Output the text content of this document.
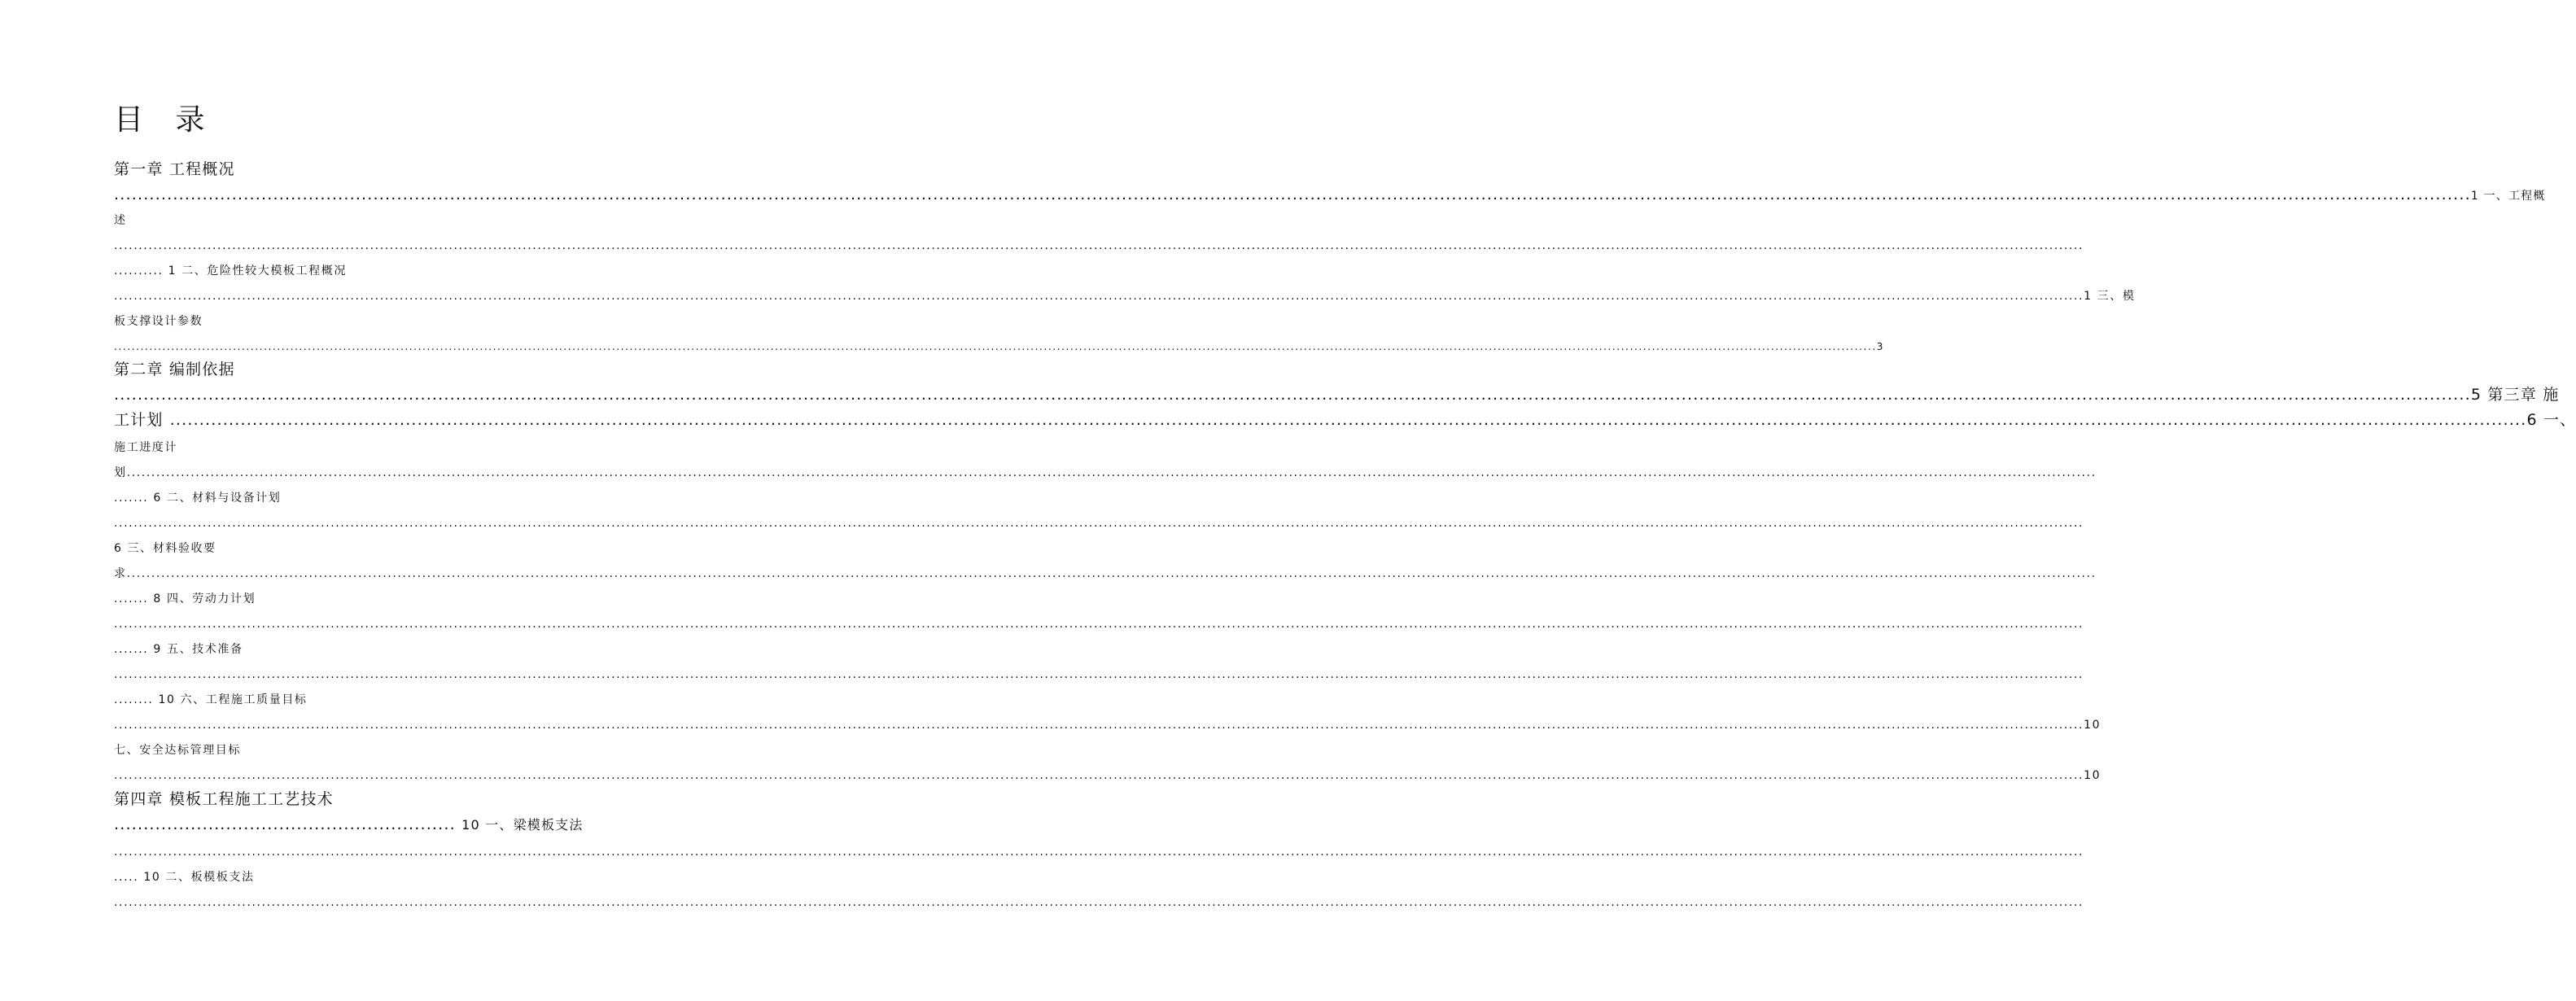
目 录
第一章 工程概况
................................................................................................................................................................................................................................................................................................................................................................................................................ 1 一、工程概
述
................................................................................................................................................................................................................................................................................................................................................................................................................
.......... 1 二、危险性较大模板工程概况
................................................................................................................................................................................................................................................................................................................................................................................................................ 1 三、模
板支撑设计参数
................................................................................................................................................................................................................................................................................................................................................................................................................ 3
第二章 编制依据
................................................................................................................................................................................................................................................................................................................................................................................................................ 5 第三章 施
工计划 ................................................................................................................................................................................................................................................................................................................................................................................................................ 6 一、
施工进度计
划 ................................................................................................................................................................................................................................................................................................................................................................................................................
....... 6 二、材料与设备计划
................................................................................................................................................................................................................................................................................................................................................................................................................
6 三、材料验收要
求 ................................................................................................................................................................................................................................................................................................................................................................................................................
....... 8 四、劳动力计划
................................................................................................................................................................................................................................................................................................................................................................................................................
....... 9 五、技术准备
................................................................................................................................................................................................................................................................................................................................................................................................................
........ 10 六、工程施工质量目标
................................................................................................................................................................................................................................................................................................................................................................................................................ 10
七、安全达标管理目标
................................................................................................................................................................................................................................................................................................................................................................................................................ 10
第四章 模板工程施工工艺技术
.......................................................... 10 一、梁模板支法
................................................................................................................................................................................................................................................................................................................................................................................................................
..... 10 二、板模板支法
................................................................................................................................................................................................................................................................................................................................................................................................................
